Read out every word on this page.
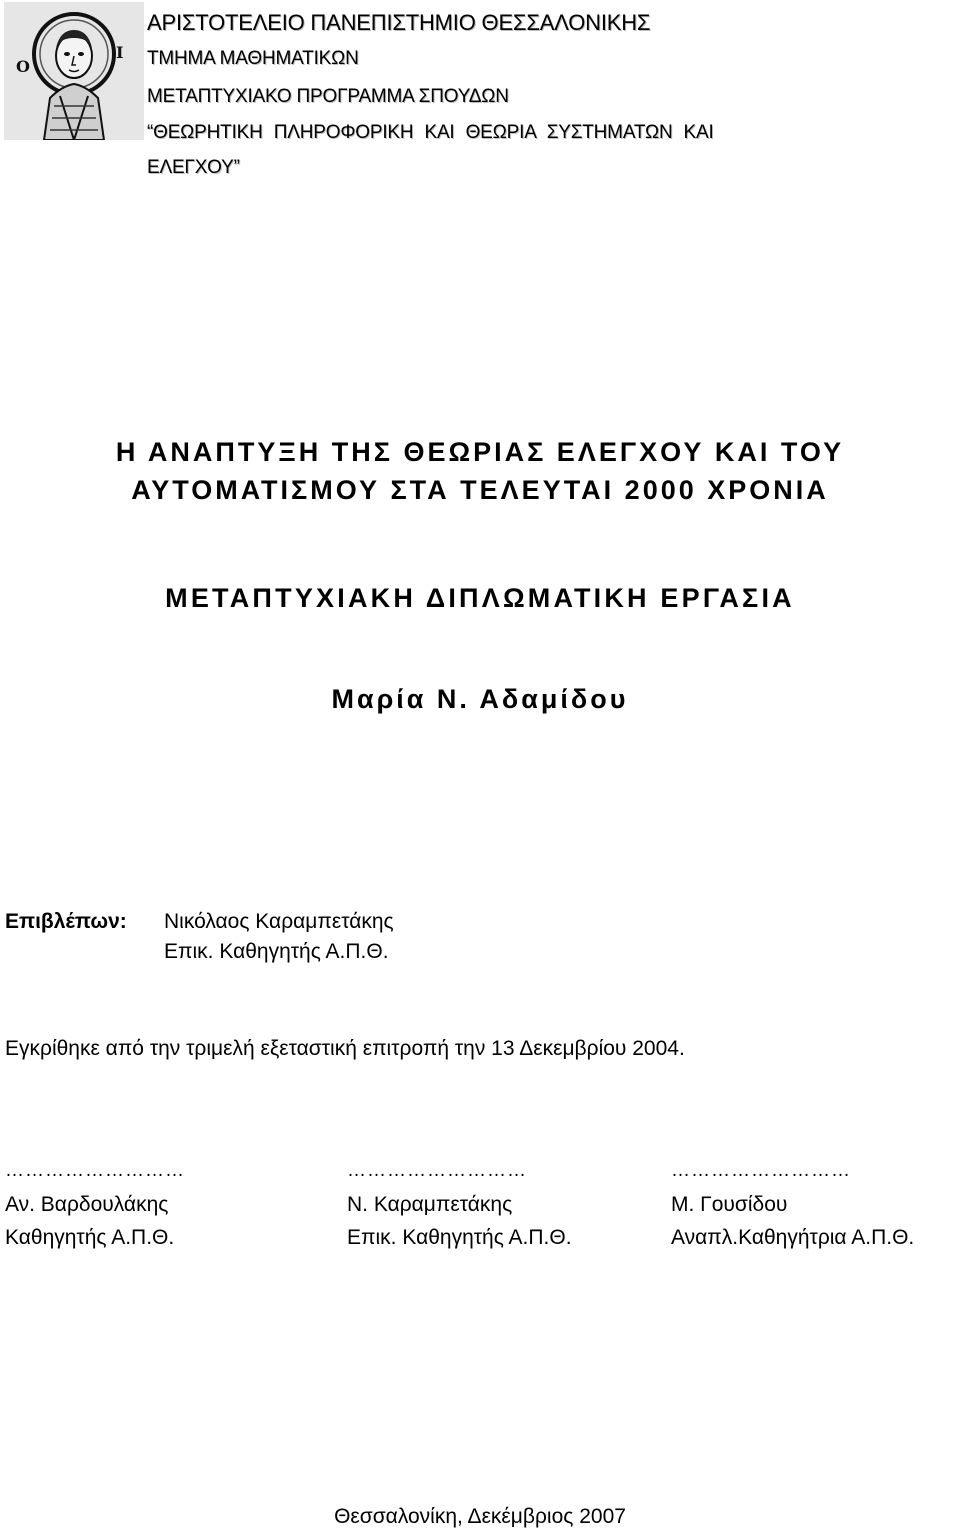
Ο
Ι
ΑΡΙΣΤΟΤΕΛΕΙΟ ΠΑΝΕΠΙΣΤΗΜΙΟ ΘΕΣΣΑΛΟΝΙΚΗΣ
ΤΜΗΜΑ ΜΑΘΗΜΑΤΙΚΩΝ
ΜΕΤΑΠΤΥΧΙΑΚΟ ΠΡΟΓΡΑΜΜΑ ΣΠΟΥΔΩΝ
“ΘΕΩΡΗΤΙΚΗ ΠΛΗΡΟΦΟΡΙΚΗ ΚΑΙ ΘΕΩΡΙΑ ΣΥΣΤΗΜΑΤΩΝ ΚΑΙ
ΕΛΕΓΧΟΥ”
Η ΑΝΑΠΤΥΞΗ ΤΗΣ ΘΕΩΡΙΑΣ ΕΛΕΓΧΟΥ ΚΑΙ ΤΟΥ
ΑΥΤΟΜΑΤΙΣΜΟΥ ΣΤΑ ΤΕΛΕΥΤΑΙ 2000 ΧΡΟΝΙΑ
ΜΕΤΑΠΤΥΧΙΑΚΗ ΔΙΠΛΩΜΑΤΙΚΗ ΕΡΓΑΣΙΑ
Μαρία Ν. Αδαμίδου
Επιβλέπων: Νικόλαος Καραμπετάκης
Επικ. Καθηγητής Α.Π.Θ.
Εγκρίθηκε από την τριμελή εξεταστική επιτροπή την 13 Δεκεμβρίου 2004.
………………………
Αν. Βαρδουλάκης
Καθηγητής Α.Π.Θ.
………………………
Ν. Καραμπετάκης
Επικ. Καθηγητής Α.Π.Θ.
………………………
Μ. Γουσίδου
Αναπλ.Καθηγήτρια Α.Π.Θ.
Θεσσαλονίκη, Δεκέμβριος 2007
